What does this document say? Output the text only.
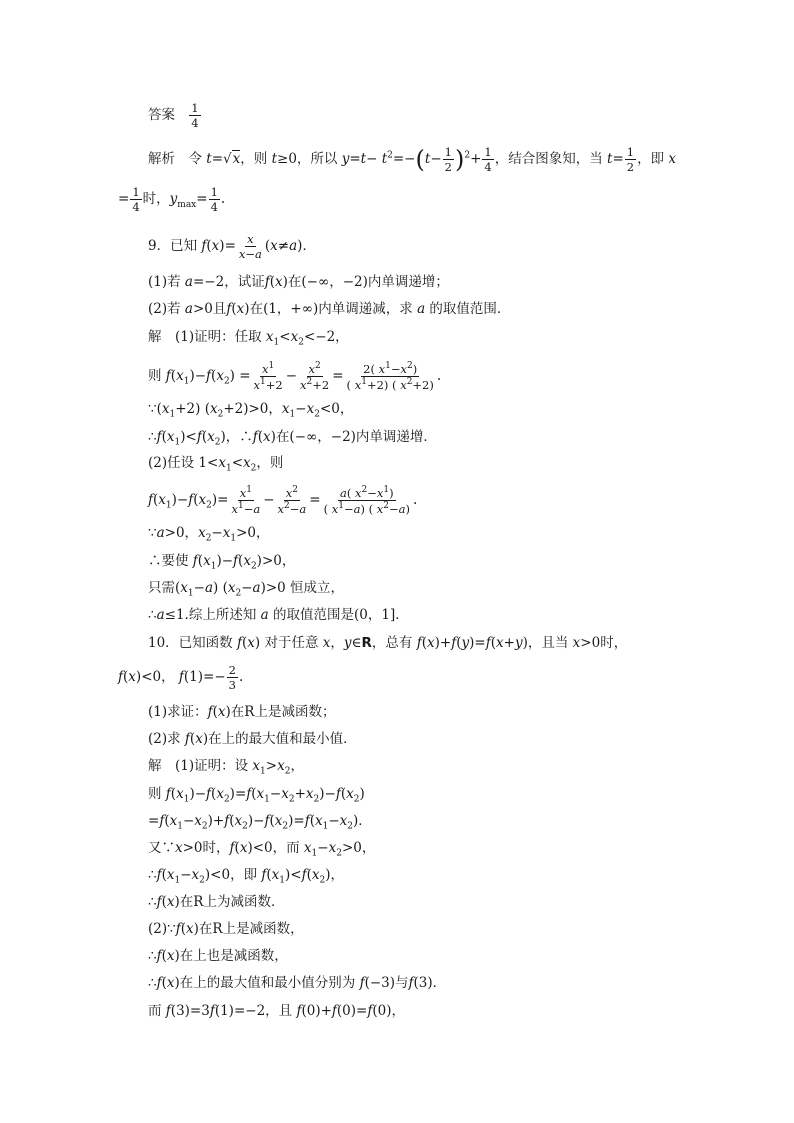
答案 $\frac{1}{4}$
解析　令 t=√x，则 t≥0，所以 $y=t- t^2=-(t- \frac{1}{2} )^2+ \frac{1}{4}$ ，结合图象知，当 $t= \frac{1}{2}$ ，即 x
= $\frac{1}{4}$ 时，$y_{max}= \frac{1}{4}$ .
9．已知 $f(x)= \frac{x}{x-a} (x\ne a)$．
(1)若 a=−2，试证f(x)在(−∞，−2)内单调递增；
(2)若 a>0且f(x)在(1，+∞)内单调递减，求 a 的取值范围．
解　(1)证明：任取 $x_1<x_2<-2$，
则 $f(x_1)-f(x_2) = \frac{x^1}{x^1+2} - \frac{x^2}{x^2+2} = \frac{2( x^1-x^2)}{( x^1+2) ( x^2+2)}$ .
$\because(x_1+2)$ $(x_2+2)>0$，$x_1-x_2<0$，
$\therefore f(x_1)<f(x_2)$，∴f(x)在(−∞，−2)内单调递增．
(2)任设 $1<x_1<x_2$，则
$f(x_1)-f(x_2)= \frac{x^1}{x^1-a} - \frac{x^2}{x^2-a} = \frac{a( x^2-x^1)}{( x^1-a) ( x^2-a)}$ .
∵a>0，$x_2-x_1>0$，
∴要使 $f(x_1)-f(x_2)>0$，
只需$(x_1-a)$ $(x_2-a)>0$ 恒成立，
∴a≤1.综上所述知 a 的取值范围是(0，1]．
10．已知函数 f(x) 对于任意 x，y∈R，总有 f(x)+f(y)=f(x+y)，且当 x>0时，
f(x)<0， $f(1)=- \frac{2}{3}$ .
(1)求证：f(x)在R上是减函数；
(2)求 f(x)在上的最大值和最小值．
解　(1)证明：设 $x_1>x_2$，
则 $f(x_1)-f(x_2)=f(x_1-x_2+x_2)-f(x_2)$
$=f(x_1-x_2)+f(x_2)-f(x_2)=f(x_1-x_2)$．
又∵x>0时，f(x)<0，而 $x_1-x_2>0$，
$\therefore f(x_1-x_2)<0$，即 $f(x_1)<f(x_2)$，
∴f(x)在R上为减函数．
(2)∵f(x)在R上是减函数，
∴f(x)在上也是减函数，
∴f(x)在上的最大值和最小值分别为 f(−3)与f(3)．
而 f(3)=3f(1)=−2，且 f(0)+f(0)=f(0)，
